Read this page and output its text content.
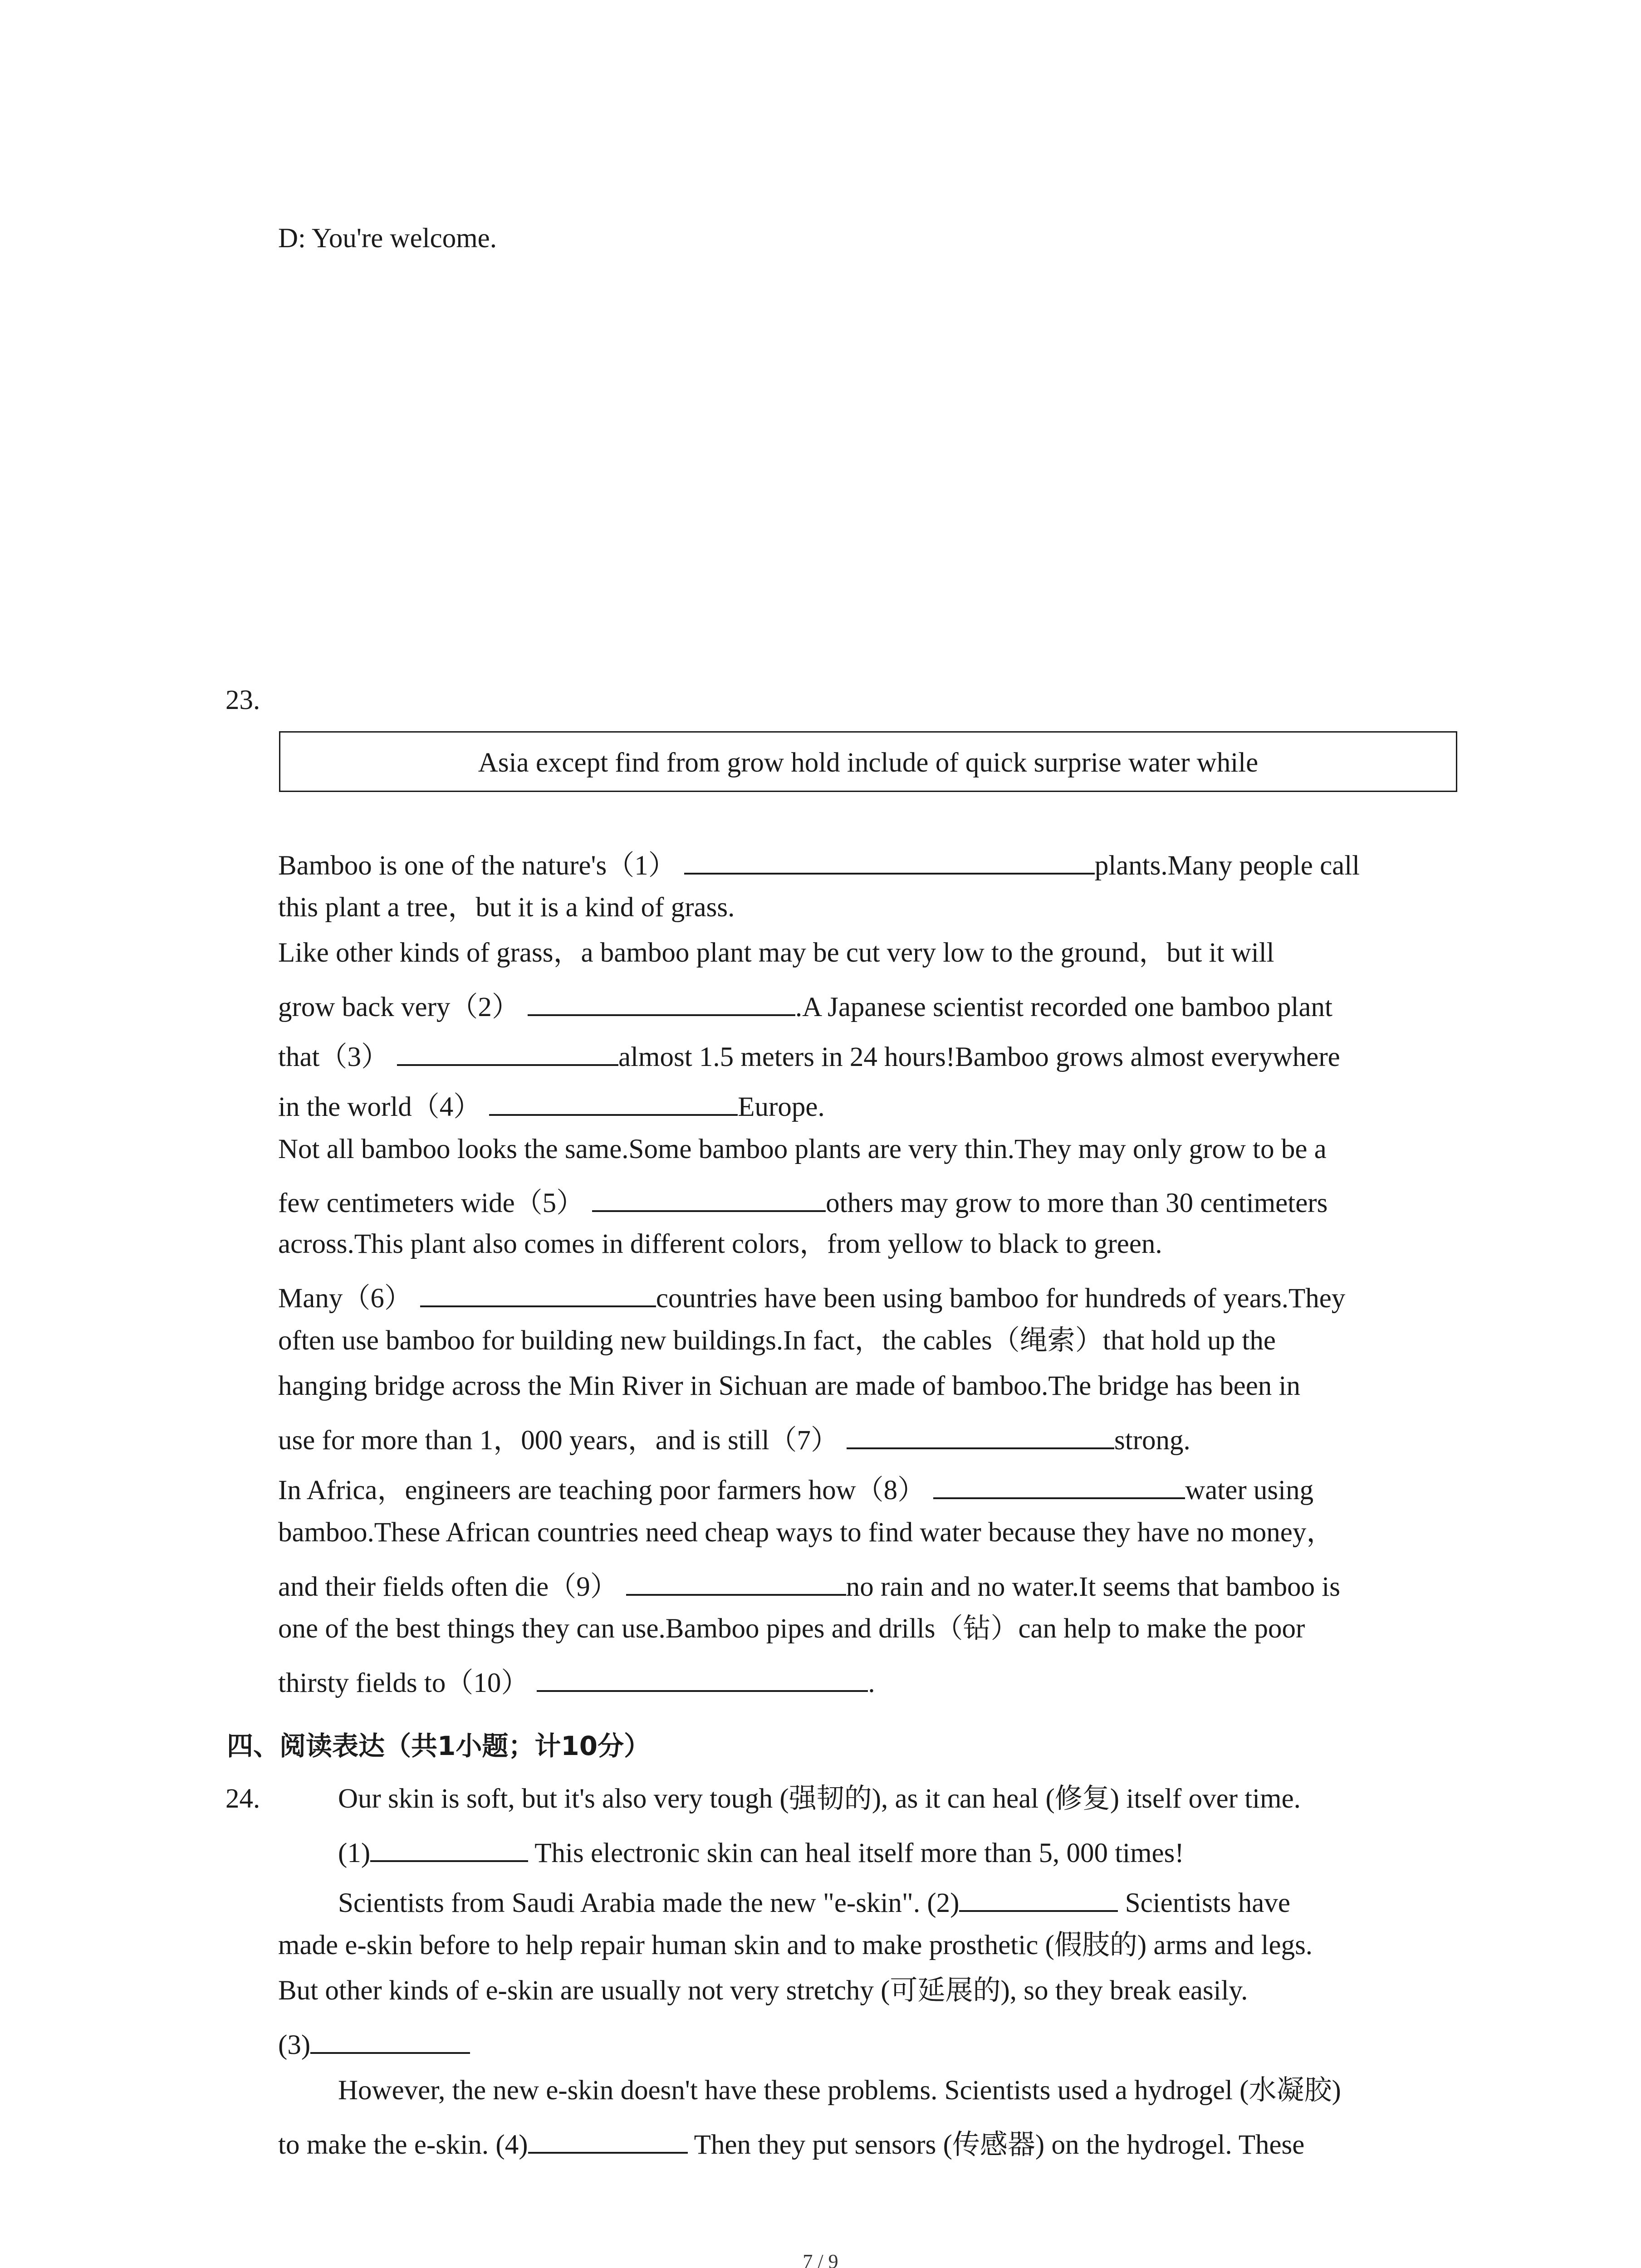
D: You're welcome.

23.

Asia except find from grow hold include of quick surprise water while

Bamboo is one of the nature's（1）	plants.Many people call

this plant a tree，but it is a kind of grass.

Like other kinds of grass，a bamboo plant may be cut very low to the ground，but it will

grow back very（2）	.A Japanese scientist recorded one bamboo plant

that（3）	almost 1.5 meters in 24 hours!Bamboo grows almost everywhere

in the world（4）	Europe.

Not all bamboo looks the same.Some bamboo plants are very thin.They may only grow to be a

few centimeters wide（5）	others may grow to more than 30 centimeters

across.This plant also comes in different colors，from yellow to black to green.

Many（6）	countries have been using bamboo for hundreds of years.They

often use bamboo for building new buildings.In fact，the cables（绳索）that hold up the

hanging bridge across the Min River in Sichuan are made of bamboo.The bridge has been in

use for more than 1，000 years，and is still（7）	strong.

In Africa，engineers are teaching poor farmers how（8）	water using

bamboo.These African countries need cheap ways to find water because they have no money，

and their fields often die（9）	no rain and no water.It seems that bamboo is

one of the best things they can use.Bamboo pipes and drills（钻）can help to make the poor

thirsty fields to（10）	.

四、阅读表达（共1小题；计10分）

24.	Our skin is soft, but it's also very tough (强韧的), as it can heal (修复) itself over time.

(1)	This electronic skin can heal itself more than 5, 000 times!

Scientists from Saudi Arabia made the new "e-skin". (2)	Scientists have

made e-skin before to help repair human skin and to make prosthetic (假肢的) arms and legs.

But other kinds of e-skin are usually not very stretchy (可延展的), so they break easily.

(3)

However, the new e-skin doesn't have these problems. Scientists used a hydrogel (水凝胶)

to make the e-skin. (4)	Then they put sensors (传感器) on the hydrogel. These

7 / 9
